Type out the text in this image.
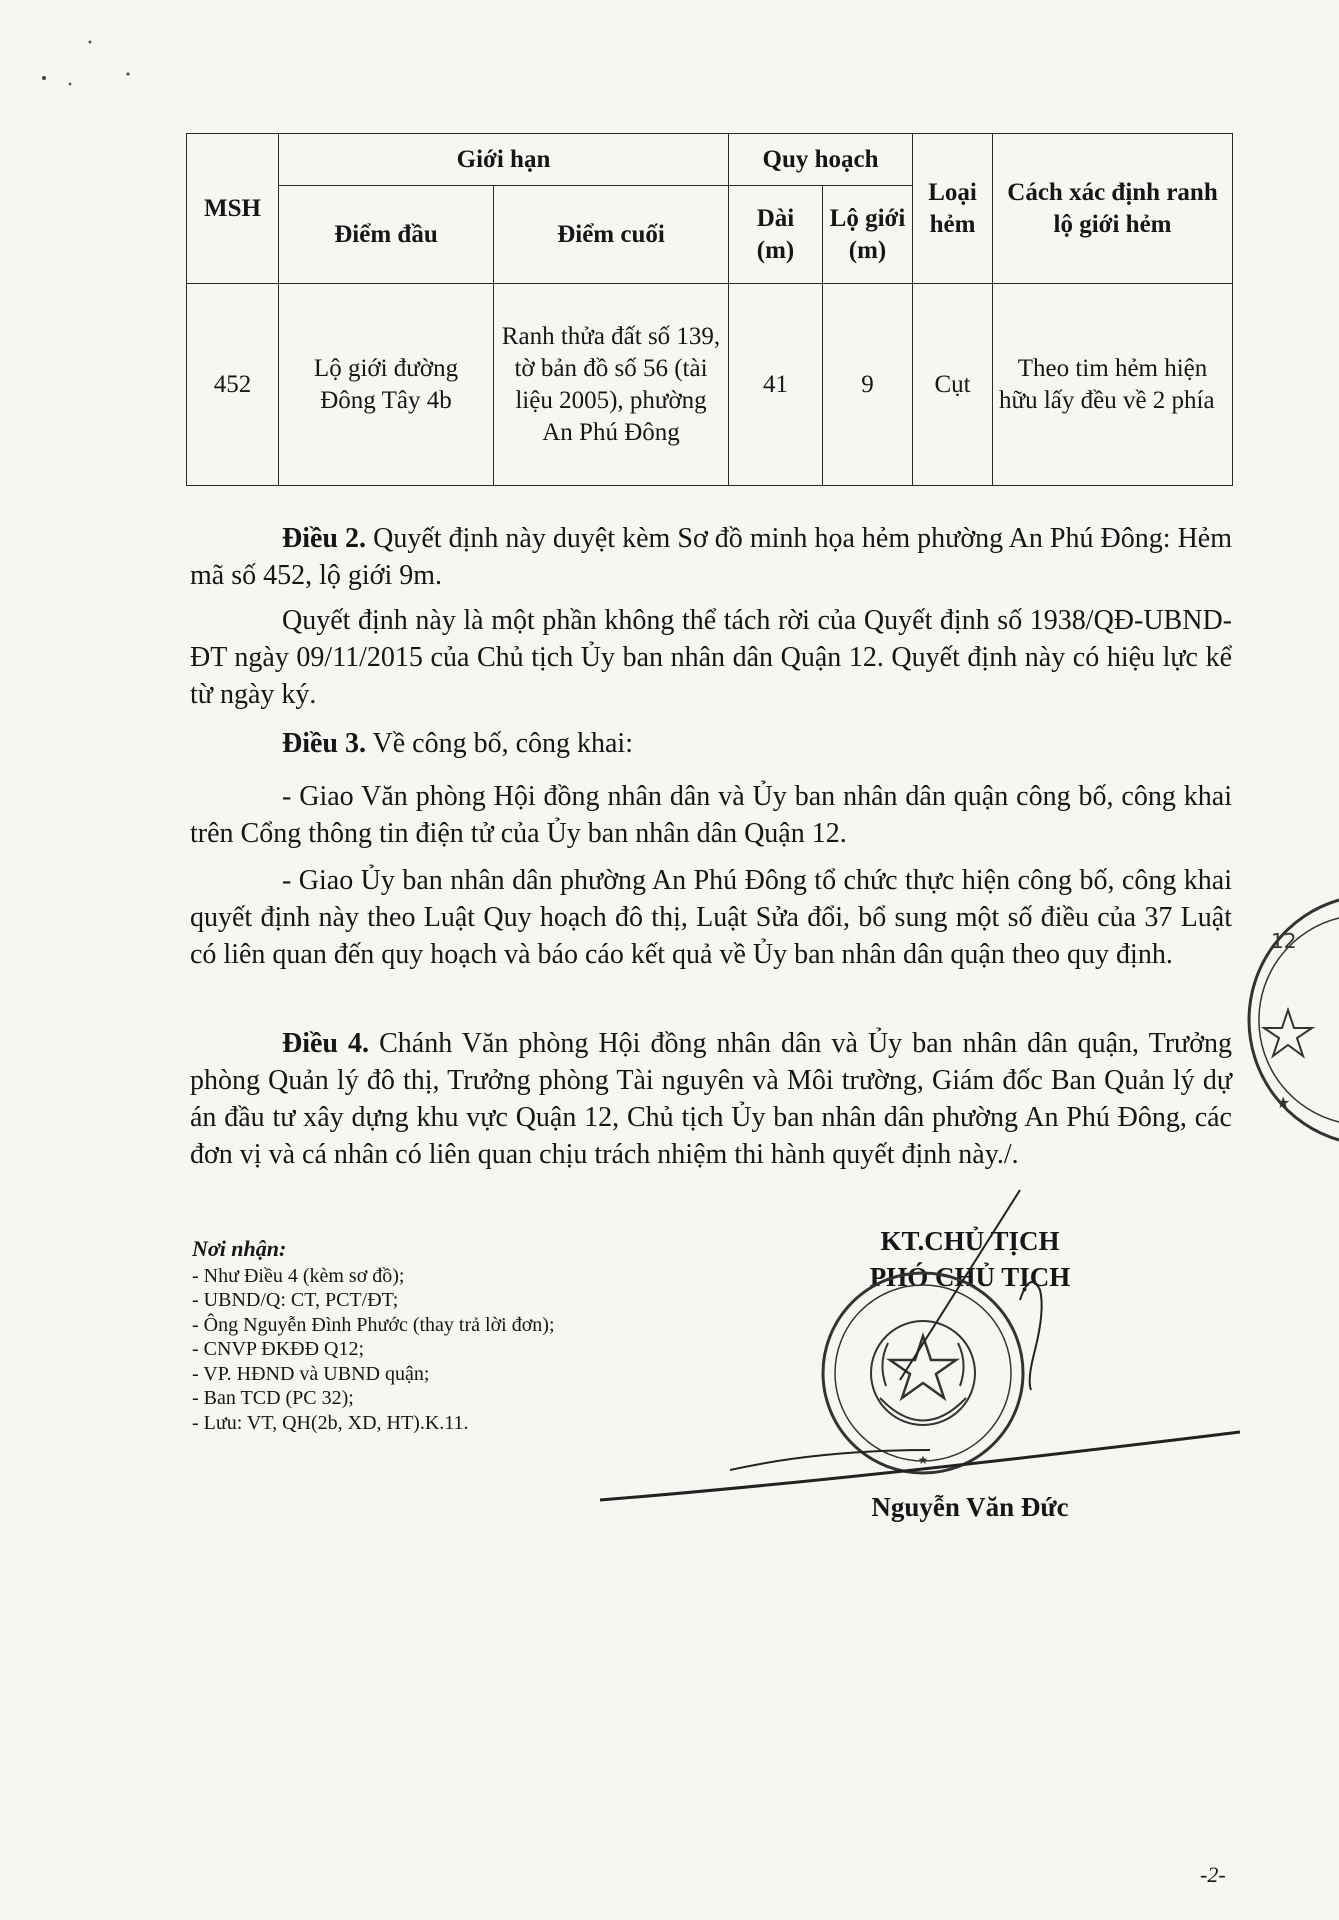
MSH	Giới hạn		Quy hoạch		Loại hẻm	Cách xác định ranh lộ giới hẻm
	Điểm đầu	Điểm cuối	Dài (m)	Lộ giới (m)		
452	Lộ giới đường Đông Tây 4b	Ranh thửa đất số 139, tờ bản đồ số 56 (tài liệu 2005), phường An Phú Đông	41	9	Cụt	Theo tim hẻm hiện hữu lấy đều về 2 phía
Điều 2. Quyết định này duyệt kèm Sơ đồ minh họa hẻm phường An Phú Đông: Hẻm mã số 452, lộ giới 9m.
Quyết định này là một phần không thể tách rời của Quyết định số 1938/QĐ-UBND-ĐT ngày 09/11/2015 của Chủ tịch Ủy ban nhân dân Quận 12. Quyết định này có hiệu lực kể từ ngày ký.
Điều 3. Về công bố, công khai:
- Giao Văn phòng Hội đồng nhân dân và Ủy ban nhân dân quận công bố, công khai trên Cổng thông tin điện tử của Ủy ban nhân dân Quận 12.
- Giao Ủy ban nhân dân phường An Phú Đông tổ chức thực hiện công bố, công khai quyết định này theo Luật Quy hoạch đô thị, Luật Sửa đổi, bổ sung một số điều của 37 Luật có liên quan đến quy hoạch và báo cáo kết quả về Ủy ban nhân dân quận theo quy định.
Điều 4. Chánh Văn phòng Hội đồng nhân dân và Ủy ban nhân dân quận, Trưởng phòng Quản lý đô thị, Trưởng phòng Tài nguyên và Môi trường, Giám đốc Ban Quản lý dự án đầu tư xây dựng khu vực Quận 12, Chủ tịch Ủy ban nhân dân phường An Phú Đông, các đơn vị và cá nhân có liên quan chịu trách nhiệm thi hành quyết định này./.
Nơi nhận:
- Như Điều 4 (kèm sơ đồ);
- UBND/Q: CT, PCT/ĐT;
- Ông Nguyễn Đình Phước (thay trả lời đơn);
- CNVP ĐKĐĐ Q12;
- VP. HĐND và UBND quận;
- Ban TCD (PC 32);
- Lưu: VT, QH(2b, XD, HT).K.11.
KT.CHỦ TỊCH
PHÓ CHỦ TỊCH
★
Nguyễn Văn Đức
12
★
-2-
